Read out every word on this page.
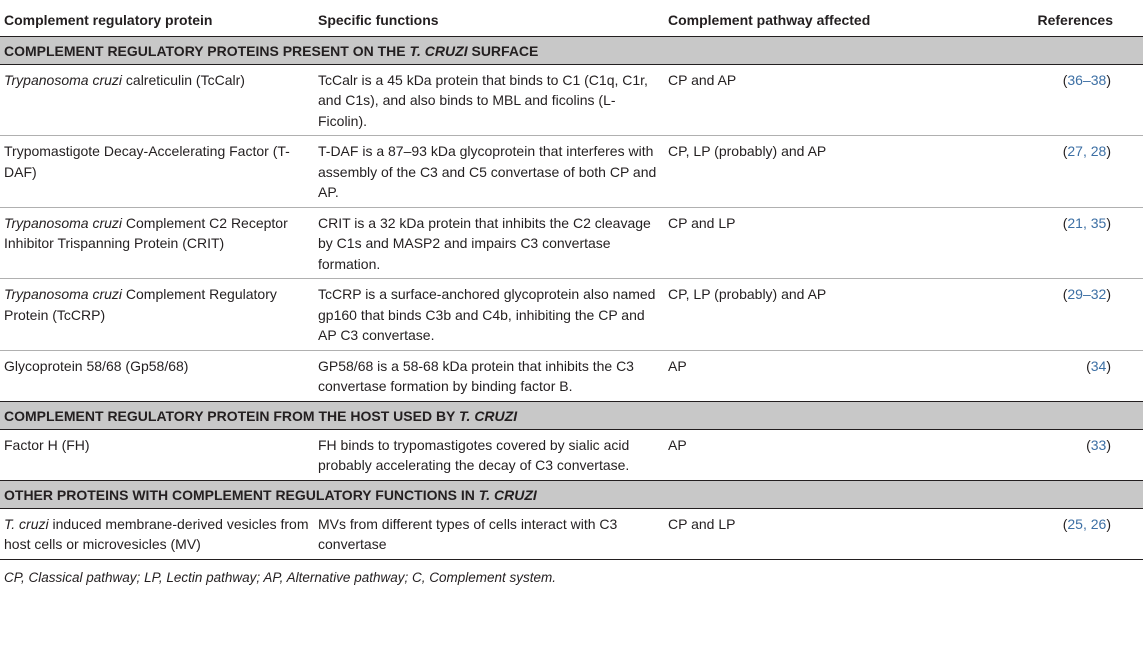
Complement regulatory protein	Specific functions	Complement pathway affected	References
COMPLEMENT REGULATORY PROTEINS PRESENT ON THE T. CRUZI SURFACE			
Trypanosoma cruzi calreticulin (TcCalr)	TcCalr is a 45 kDa protein that binds to C1 (C1q, C1r, and C1s), and also binds to MBL and ficolins (L-Ficolin).	CP and AP	(36–38)
Trypomastigote Decay-Accelerating Factor (T-DAF)	T-DAF is a 87–93 kDa glycoprotein that interferes with assembly of the C3 and C5 convertase of both CP and AP.	CP, LP (probably) and AP	(27, 28)
Trypanosoma cruzi Complement C2 Receptor Inhibitor Trispanning Protein (CRIT)	CRIT is a 32 kDa protein that inhibits the C2 cleavage by C1s and MASP2 and impairs C3 convertase formation.	CP and LP	(21, 35)
Trypanosoma cruzi Complement Regulatory Protein (TcCRP)	TcCRP is a surface-anchored glycoprotein also named gp160 that binds C3b and C4b, inhibiting the CP and AP C3 convertase.	CP, LP (probably) and AP	(29–32)
Glycoprotein 58/68 (Gp58/68)	GP58/68 is a 58-68 kDa protein that inhibits the C3 convertase formation by binding factor B.	AP	(34)
COMPLEMENT REGULATORY PROTEIN FROM THE HOST USED BY T. CRUZI			
Factor H (FH)	FH binds to trypomastigotes covered by sialic acid probably accelerating the decay of C3 convertase.	AP	(33)
OTHER PROTEINS WITH COMPLEMENT REGULATORY FUNCTIONS IN T. CRUZI			
T. cruzi induced membrane-derived vesicles from host cells or microvesicles (MV)	MVs from different types of cells interact with C3 convertase	CP and LP	(25, 26)
CP, Classical pathway; LP, Lectin pathway; AP, Alternative pathway; C, Complement system.
